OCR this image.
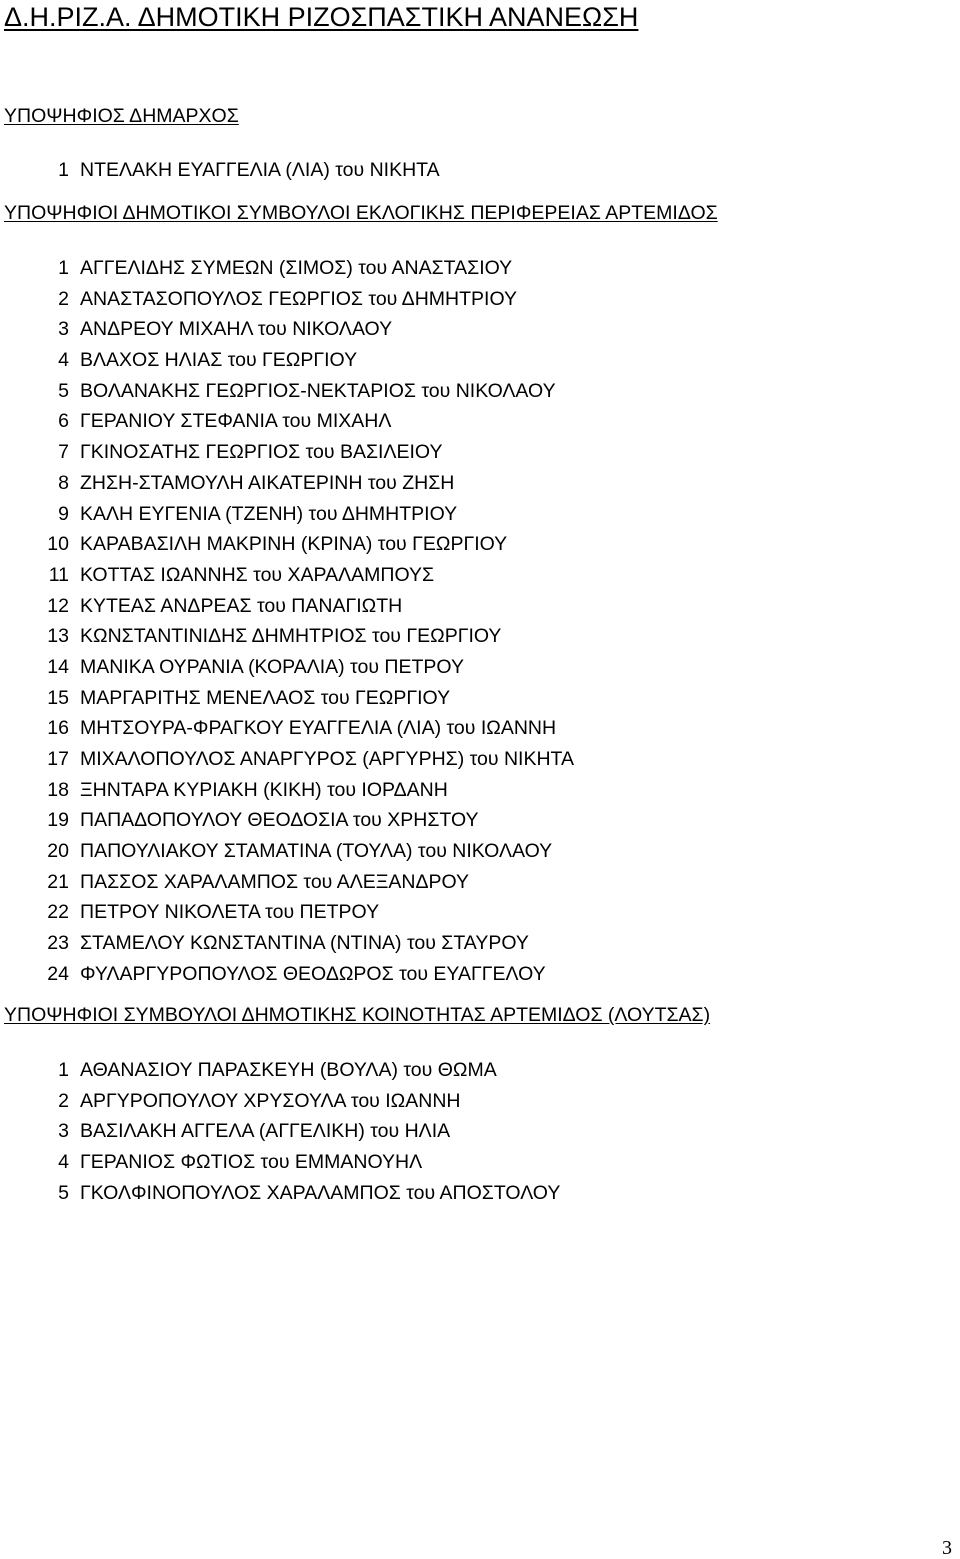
Δ.Η.ΡΙΖ.Α. ΔΗΜΟΤΙΚΗ ΡΙΖΟΣΠΑΣΤΙΚΗ ΑΝΑΝΕΩΣΗ
ΥΠΟΨΗΦΙΟΣ ΔΗΜΑΡΧΟΣ
1 ΝΤΕΛΑΚΗ ΕΥΑΓΓΕΛΙΑ (ΛΙΑ) του ΝΙΚΗΤΑ
ΥΠΟΨΗΦΙΟΙ ΔΗΜΟΤΙΚΟΙ ΣΥΜΒΟΥΛΟΙ ΕΚΛΟΓΙΚΗΣ ΠΕΡΙΦΕΡΕΙΑΣ ΑΡΤΕΜΙΔΟΣ
1 ΑΓΓΕΛΙΔΗΣ ΣΥΜΕΩΝ (ΣΙΜΟΣ) του ΑΝΑΣΤΑΣΙΟΥ
2 ΑΝΑΣΤΑΣΟΠΟΥΛΟΣ ΓΕΩΡΓΙΟΣ του ΔΗΜΗΤΡΙΟΥ
3 ΑΝΔΡΕΟΥ ΜΙΧΑΗΛ του ΝΙΚΟΛΑΟΥ
4 ΒΛΑΧΟΣ ΗΛΙΑΣ του ΓΕΩΡΓΙΟΥ
5 ΒΟΛΑΝΑΚΗΣ ΓΕΩΡΓΙΟΣ-ΝΕΚΤΑΡΙΟΣ του ΝΙΚΟΛΑΟΥ
6 ΓΕΡΑΝΙΟΥ ΣΤΕΦΑΝΙΑ του ΜΙΧΑΗΛ
7 ΓΚΙΝΟΣΑΤΗΣ ΓΕΩΡΓΙΟΣ του ΒΑΣΙΛΕΙΟΥ
8 ΖΗΣΗ-ΣΤΑΜΟΥΛΗ ΑΙΚΑΤΕΡΙΝΗ του ΖΗΣΗ
9 ΚΑΛΗ ΕΥΓΕΝΙΑ (ΤΖΕΝΗ) του ΔΗΜΗΤΡΙΟΥ
10 ΚΑΡΑΒΑΣΙΛΗ ΜΑΚΡΙΝΗ (ΚΡΙΝΑ) του ΓΕΩΡΓΙΟΥ
11 ΚΟΤΤΑΣ ΙΩΑΝΝΗΣ του ΧΑΡΑΛΑΜΠΟΥΣ
12 ΚΥΤΕΑΣ ΑΝΔΡΕΑΣ του ΠΑΝΑΓΙΩΤΗ
13 ΚΩΝΣΤΑΝΤΙΝΙΔΗΣ ΔΗΜΗΤΡΙΟΣ του ΓΕΩΡΓΙΟΥ
14 ΜΑΝΙΚΑ ΟΥΡΑΝΙΑ (ΚΟΡΑΛΙΑ) του ΠΕΤΡΟΥ
15 ΜΑΡΓΑΡΙΤΗΣ ΜΕΝΕΛΑΟΣ του ΓΕΩΡΓΙΟΥ
16 ΜΗΤΣΟΥΡΑ-ΦΡΑΓΚΟΥ ΕΥΑΓΓΕΛΙΑ (ΛΙΑ) του ΙΩΑΝΝΗ
17 ΜΙΧΑΛΟΠΟΥΛΟΣ ΑΝΑΡΓΥΡΟΣ (ΑΡΓΥΡΗΣ) του ΝΙΚΗΤΑ
18 ΞΗΝΤΑΡΑ ΚΥΡΙΑΚΗ (ΚΙΚΗ) του ΙΟΡΔΑΝΗ
19 ΠΑΠΑΔΟΠΟΥΛΟΥ ΘΕΟΔΟΣΙΑ του ΧΡΗΣΤΟΥ
20 ΠΑΠΟΥΛΙΑΚΟΥ ΣΤΑΜΑΤΙΝΑ (ΤΟΥΛΑ) του ΝΙΚΟΛΑΟΥ
21 ΠΑΣΣΟΣ ΧΑΡΑΛΑΜΠΟΣ του ΑΛΕΞΑΝΔΡΟΥ
22 ΠΕΤΡΟΥ ΝΙΚΟΛΕΤΑ του ΠΕΤΡΟΥ
23 ΣΤΑΜΕΛΟΥ ΚΩΝΣΤΑΝΤΙΝΑ (ΝΤΙΝΑ) του ΣΤΑΥΡΟΥ
24 ΦΥΛΑΡΓΥΡΟΠΟΥΛΟΣ ΘΕΟΔΩΡΟΣ του ΕΥΑΓΓΕΛΟΥ
ΥΠΟΨΗΦΙΟΙ ΣΥΜΒΟΥΛΟΙ ΔΗΜΟΤΙΚΗΣ ΚΟΙΝΟΤΗΤΑΣ ΑΡΤΕΜΙΔΟΣ (ΛΟΥΤΣΑΣ)
1 ΑΘΑΝΑΣΙΟΥ ΠΑΡΑΣΚΕΥΗ (ΒΟΥΛΑ) του ΘΩΜΑ
2 ΑΡΓΥΡΟΠΟΥΛΟΥ ΧΡΥΣΟΥΛΑ του ΙΩΑΝΝΗ
3 ΒΑΣΙΛΑΚΗ ΑΓΓΕΛΑ (ΑΓΓΕΛΙΚΗ) του ΗΛΙΑ
4 ΓΕΡΑΝΙΟΣ ΦΩΤΙΟΣ του ΕΜΜΑΝΟΥΗΛ
5 ΓΚΟΛΦΙΝΟΠΟΥΛΟΣ ΧΑΡΑΛΑΜΠΟΣ του ΑΠΟΣΤΟΛΟΥ
3
